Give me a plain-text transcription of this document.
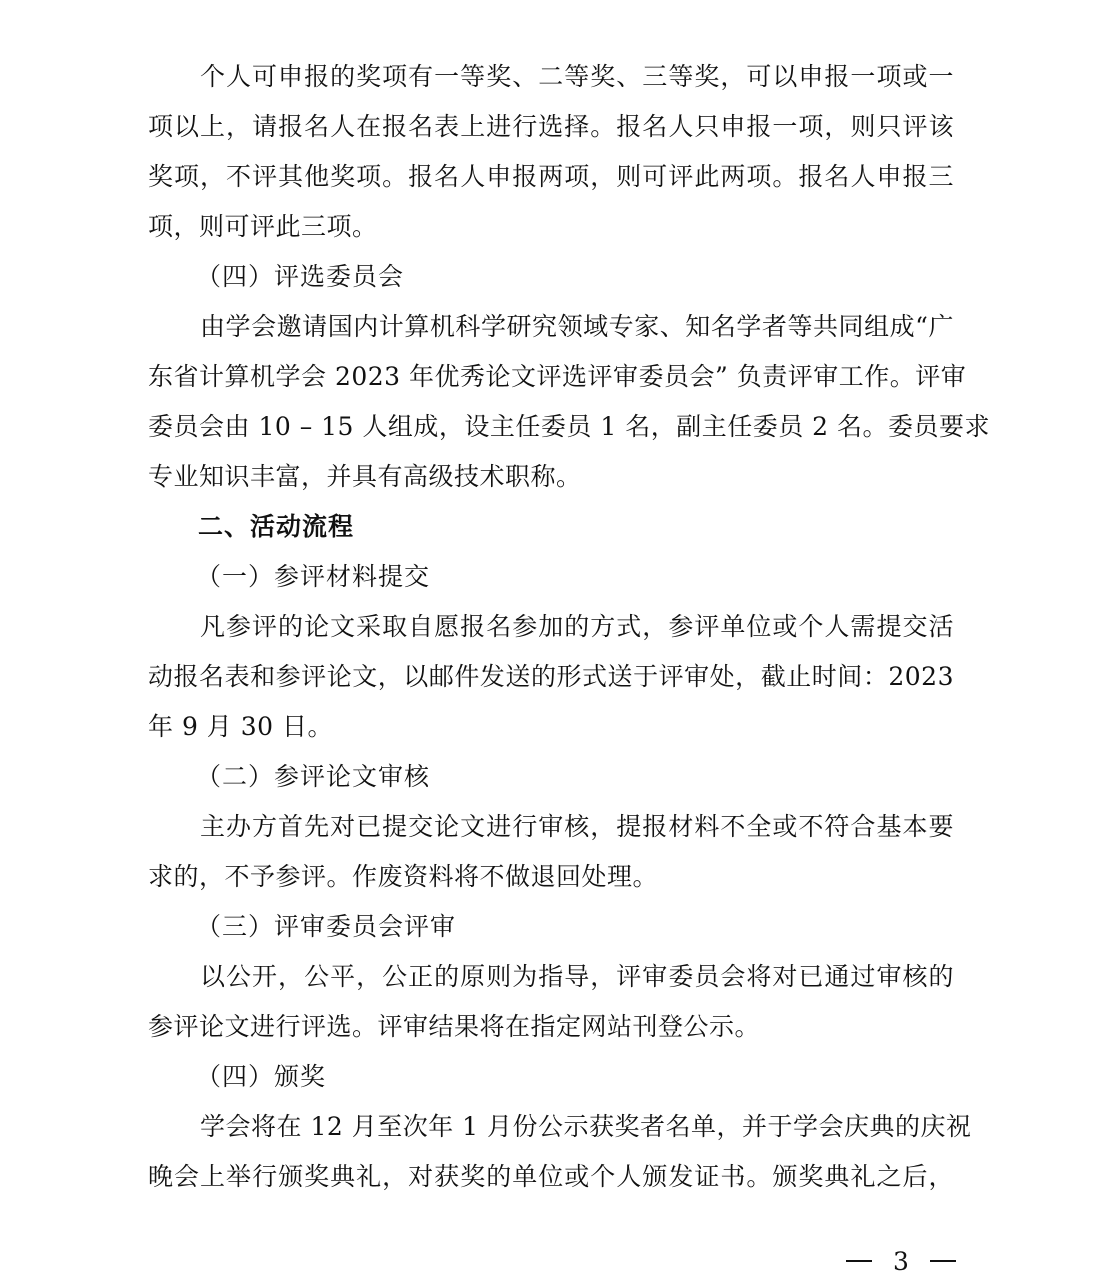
个人可申报的奖项有一等奖、二等奖、三等奖，可以申报一项或一
项以上，请报名人在报名表上进行选择。报名人只申报一项，则只评该
奖项，不评其他奖项。报名人申报两项，则可评此两项。报名人申报三
项，则可评此三项。
（四）评选委员会
由学会邀请国内计算机科学研究领域专家、知名学者等共同组成“广
东省计算机学会 2023 年优秀论文评选评审委员会” 负责评审工作。评审
委员会由 10 – 15 人组成，设主任委员 1 名，副主任委员 2 名。委员要求
专业知识丰富，并具有高级技术职称。
二、活动流程
（一）参评材料提交
凡参评的论文采取自愿报名参加的方式，参评单位或个人需提交活
动报名表和参评论文，以邮件发送的形式送于评审处，截止时间：2023
年 9 月 30 日。
（二）参评论文审核
主办方首先对已提交论文进行审核，提报材料不全或不符合基本要
求的，不予参评。作废资料将不做退回处理。
（三）评审委员会评审
以公开，公平，公正的原则为指导，评审委员会将对已通过审核的
参评论文进行评选。评审结果将在指定网站刊登公示。
（四）颁奖
学会将在 12 月至次年 1 月份公示获奖者名单，并于学会庆典的庆祝
晚会上举行颁奖典礼，对获奖的单位或个人颁发证书。颁奖典礼之后，
3
